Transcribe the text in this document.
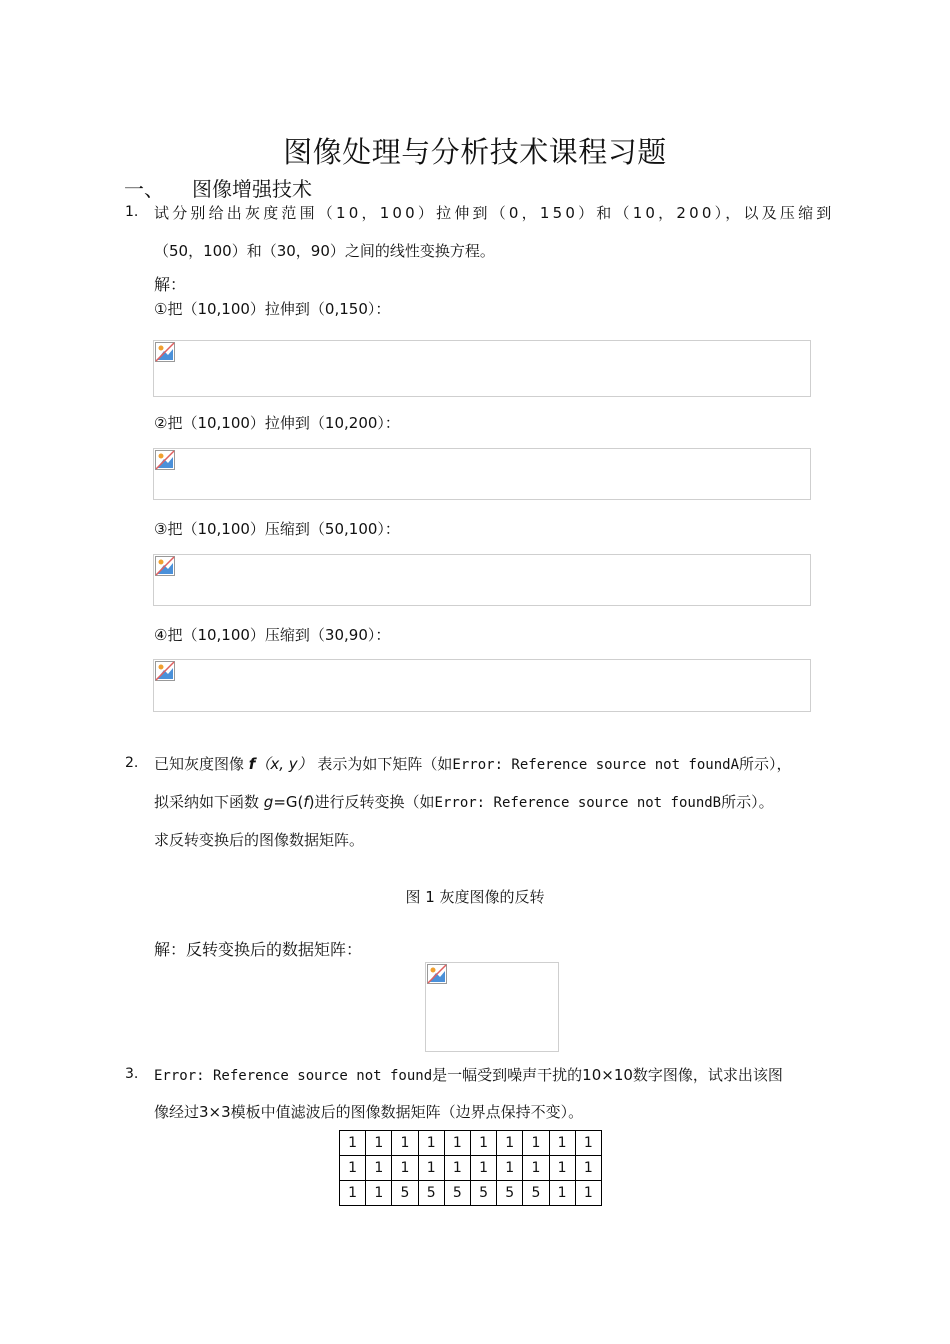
图像处理与分析技术课程习题
一、 图像增强技术
1. 试分别给出灰度范围（10，100）拉伸到（0，150）和（10，200），以及压缩到
（50，100）和（30，90）之间的线性变换方程。
解：
①把（10,100）拉伸到（0,150）：
②把（10,100）拉伸到（10,200）：
③把（10,100）压缩到（50,100）：
④把（10,100）压缩到（30,90）：
2. 已知灰度图像 f（x, y） 表示为如下矩阵（如Error: Reference source not foundA所示），
拟采纳如下函数 g=G(f)进行反转变换（如Error: Reference source not foundB所示）。
求反转变换后的图像数据矩阵。
图 1 灰度图像的反转
解：反转变换后的数据矩阵：
3. Error: Reference source not found是一幅受到噪声干扰的10×10数字图像，试求出该图
像经过3×3模板中值滤波后的图像数据矩阵（边界点保持不变）。
1	1	1	1	1	1	1	1	1	1
1	1	1	1	1	1	1	1	1	1
1	1	5	5	5	5	5	5	1	1
